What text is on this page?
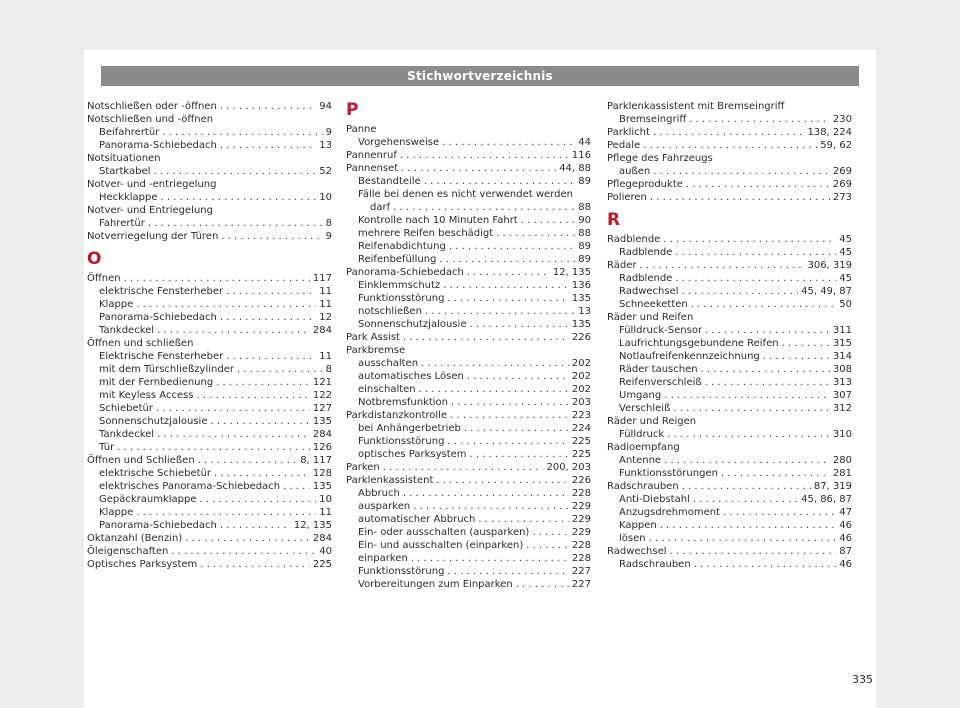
Stichwortverzeichnis
Notschließen oder -öffnen . . .	94
Notschließen und -öffnen
Beifahrertür . . .	9
Panorama-Schiebedach . . .	13
Notsituationen
Startkabel . . .	52
Notver- und -entriegelung
Heckklappe . . .	10
Notver- und Entriegelung
Fahrertür . . .	8
Notverriegelung der Türen . . .	9
O
Öffnen . . .	117
elektrische Fensterheber . . .	11
Klappe . . .	11
Panorama-Schiebedach . . .	12
Tankdeckel . . .	284
Öffnen und schließen
Elektrische Fensterheber . . .	11
mit dem Türschließzylinder . . .	8
mit der Fernbedienung . . .	121
mit Keyless Access . . .	122
Schiebetür . . .	127
Sonnenschutzjalousie . . .	135
Tankdeckel . . .	284
Tür . . .	126
Öffnen und Schließen . . .	8, 117
elektrische Schiebetür . . .	128
elektrisches Panorama-Schiebedach . . .	135
Gepäckraumklappe . . .	10
Klappe . . .	11
Panorama-Schiebedach . . .	12, 135
Oktanzahl (Benzin) . . .	284
Öleigenschaften . . .	40
Optisches Parksystem . . .	225
P
Panne
Vorgehensweise . . .	44
Pannenruf . . .	116
Pannenset . . .	44, 88
Bestandteile . . .	89
Fälle bei denen es nicht verwendet werden
darf . . .	88
Kontrolle nach 10 Minuten Fahrt . . .	90
mehrere Reifen beschädigt . . .	88
Reifenabdichtung . . .	89
Reifenbefüllung . . .	89
Panorama-Schiebedach . . .	12, 135
Einklemmschutz . . .	136
Funktionsstörung . . .	135
notschließen . . .	13
Sonnenschutzjalousie . . .	135
Park Assist . . .	226
Parkbremse
ausschalten . . .	202
automatisches Lösen . . .	202
einschalten . . .	202
Notbremsfunktion . . .	203
Parkdistanzkontrolle . . .	223
bei Anhängerbetrieb . . .	224
Funktionsstörung . . .	225
optisches Parksystem . . .	225
Parken . . .	200, 203
Parklenkassistent . . .	226
Abbruch . . .	228
ausparken . . .	229
automatischer Abbruch . . .	229
Ein- oder ausschalten (ausparken) . . .	229
Ein- und ausschalten (einparken) . . .	228
einparken . . .	228
Funktionsstörung . . .	227
Vorbereitungen zum Einparken . . .	227
Parklenkassistent mit Bremseingriff
Bremseingriff . . .	230
Parklicht . . .	138, 224
Pedale . . .	59, 62
Pflege des Fahrzeugs
außen . . .	269
Pflegeprodukte . . .	269
Polieren . . .	273
R
Radblende . . .	45
Radblende . . .	45
Räder . . .	306, 319
Radblende . . .	45
Radwechsel . . .	45, 49, 87
Schneeketten . . .	50
Räder und Reifen
Fülldruck-Sensor . . .	311
Laufrichtungsgebundene Reifen . . .	315
Notlaufreifenkennzeichnung . . .	314
Räder tauschen . . .	308
Reifenverschleiß . . .	313
Umgang . . .	307
Verschleiß . . .	312
Räder und Reigen
Fülldruck . . .	310
Radioempfang
Antenne . . .	280
Funktionsstörungen . . .	281
Radschrauben . . .	87, 319
Anti-Diebstahl . . .	45, 86, 87
Anzugsdrehmoment . . .	47
Kappen . . .	46
lösen . . .	46
Radwechsel . . .	87
Radschrauben . . .	46
335
